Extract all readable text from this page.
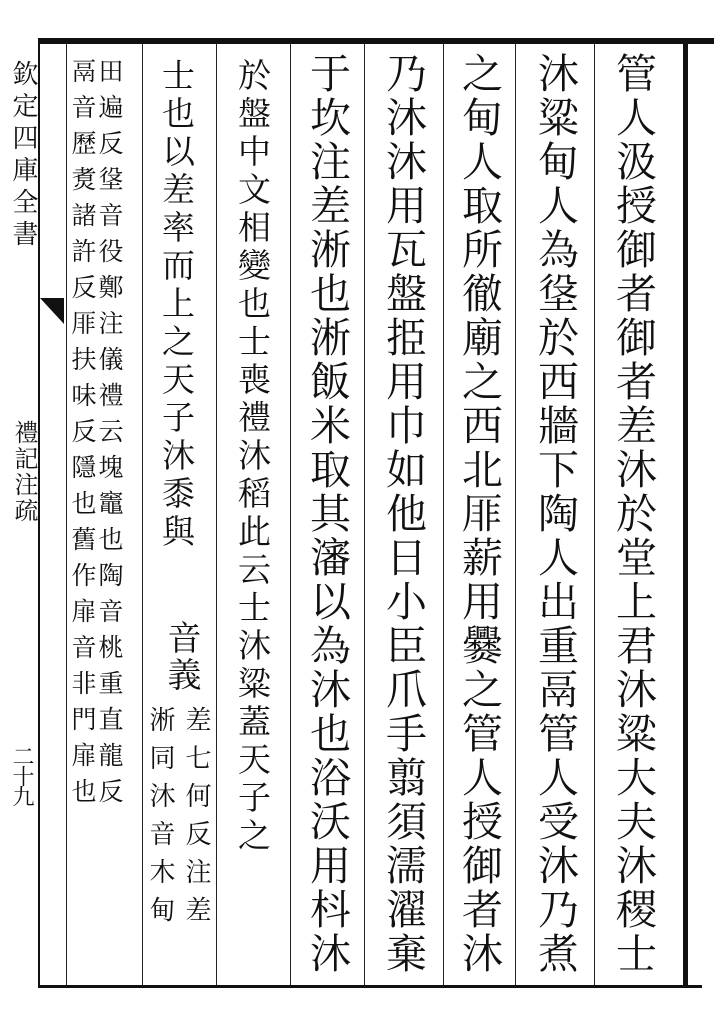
欽定四庫全書
禮記注疏
二十九	管人汲授御者御者差沐於堂上君沐粱大夫沐稷士
沐粱甸人為垼於西牆下陶人出重鬲管人受沐乃煮
之甸人取所徹廟之西北厞薪用爨之管人授御者沐
乃沐沐用瓦盤挋用巾如他日小臣爪手翦須濡濯棄
于坎注差淅也淅飯米取其瀋以為沐也浴沃用枓沐
於盤中文相變也士喪禮沐稻此云士沐粱蓋天子之
士也以差率而上之天子沐黍與
音義
差七何反注差
淅同沐音木甸
田遍反垼音役鄭注儀禮云塊竈也陶音桃重直龍反
鬲音歷煑諸許反厞扶味反隱也舊作扉音非門扉也
